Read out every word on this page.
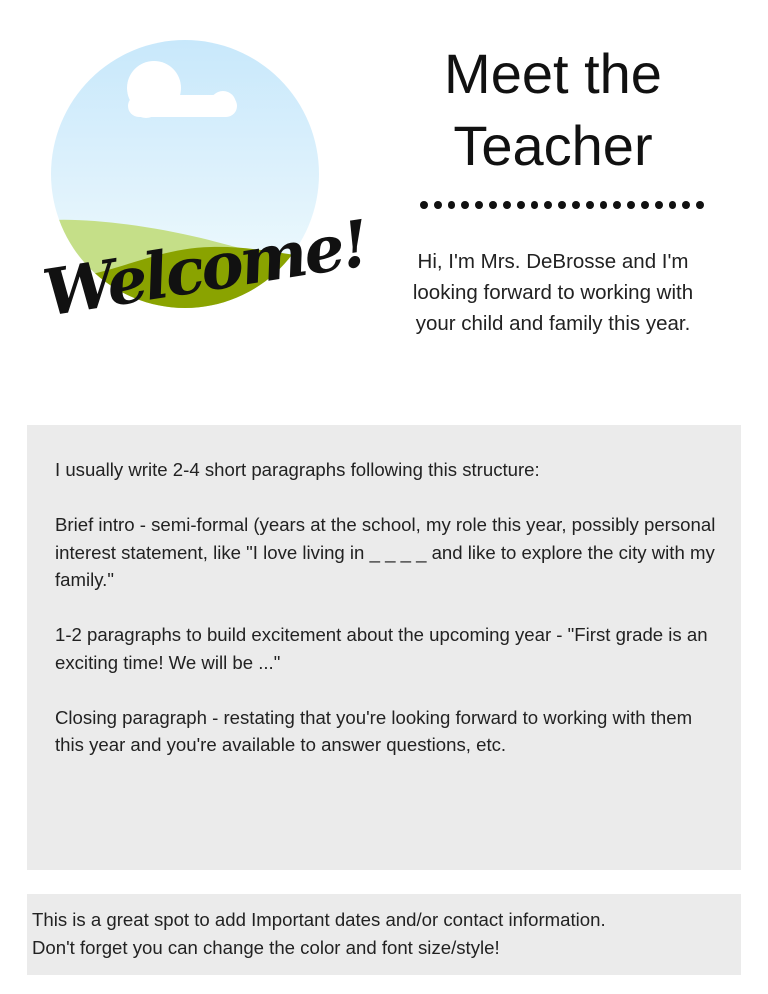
Welcome!
Meet the
Teacher

Hi, I'm Mrs. DeBrosse and I'm
looking forward to working with
your child and family this year.

I usually write 2-4 short paragraphs following this structure:

Brief intro - semi-formal (years at the school, my role this year, possibly personal interest statement, like "I love living in _ _ _ _ and like to explore the city with my family."

1-2 paragraphs to build excitement about the upcoming year - "First grade is an exciting time! We will be ..."

Closing paragraph - restating that you're looking forward to working with them this year and you're available to answer questions, etc.

This is a great spot to add Important dates and/or contact information.

Don't forget you can change the color and font size/style!
